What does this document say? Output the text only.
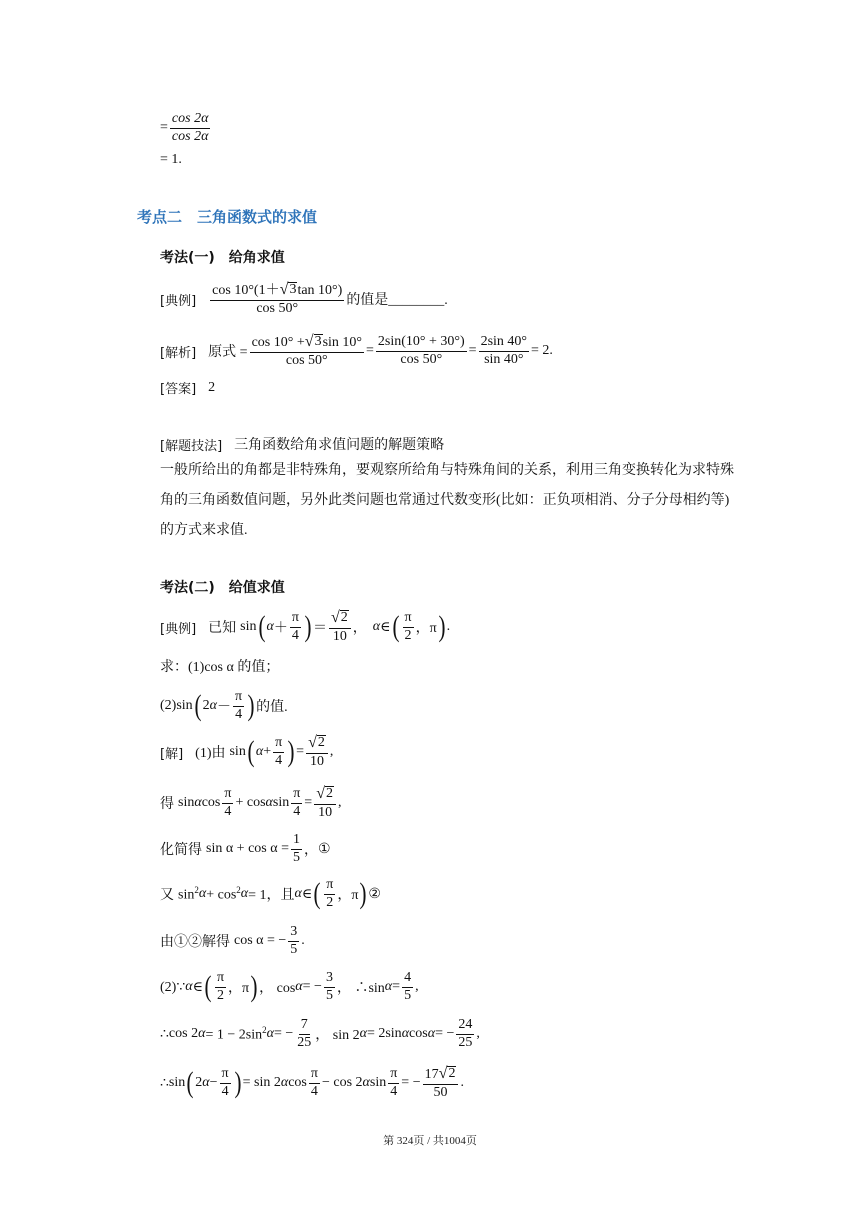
= $\frac{\cos 2\alpha}{\cos 2\alpha}$
= 1.
考点二　三角函数式的求值
考法(一)　给角求值
[典例] $\frac{\cos 10^\circ(1+ √ 3 \tan 10^\circ)}{\cos 50^\circ}$ 的值是________.
[解析] 原式 = $\frac{\cos 10^\circ + √ 3 \sin 10^\circ}{\cos 50^\circ} = \frac{2\sin(10^\circ + 30^\circ)}{\cos 50^\circ} = \frac{2\sin 40^\circ}{\sin 40^\circ} = 2$.
[答案] 2
[解题技法] 三角函数给角求值问题的解题策略
一般所给出的角都是非特殊角，要观察所给角与特殊角间的关系，利用三角变换转化为求特殊角的三角函数值问题，另外此类问题也常通过代数变形(比如：正负项相消、分子分母相约等)的方式来求值.
考法(二)　给值求值
[典例] 已知 sin ( $\alpha + \frac{\pi}{4}$ ) ＝ $\frac{√ 2}{10}$ ， α ∈ ( $\frac{\pi}{2}$ ，π ) .
求：(1)cos α 的值；
(2)sin ( 2 $\alpha - \frac{\pi}{4}$ ) 的值.
[解] (1)由 sin ( $\alpha + \frac{\pi}{4}$ ) = $\frac{√ 2}{10}$ ,
得 sin α $\cos \frac{\pi}{4} + \cos \alpha$ $\sin \frac{\pi}{4} = \frac{√ 2}{10}$ ,
化简得 $\sin \alpha + \cos \alpha = \frac{1}{5}$ ， ①
又 $\sin^2 \alpha + \cos^2 \alpha = 1$，且 α ∈ ( $\frac{\pi}{2}$ ，π ) ②
由①②解得 cos α = − $\frac{3}{5}$ .
(2)∵ α ∈ ( $\frac{\pi}{2}$ ，π ) ， cos α = − $\frac{3}{5}$ ， ∴sin $\alpha = \frac{4}{5}$ ,
∴ cos 2 $\alpha = 1 - 2\sin^2$ α = − $\frac{7}{25}$ ， sin 2 α = 2sin α cos α = − $\frac{24}{25}$ ,
∴ sin ( 2 $\alpha - \frac{\pi}{4}$ ) = sin 2 α $\cos \frac{\pi}{4} - \cos 2$ α $\sin \frac{\pi}{4}$ = − $\frac{17 √ 2}{50}$ .
第 324页 / 共1004页
